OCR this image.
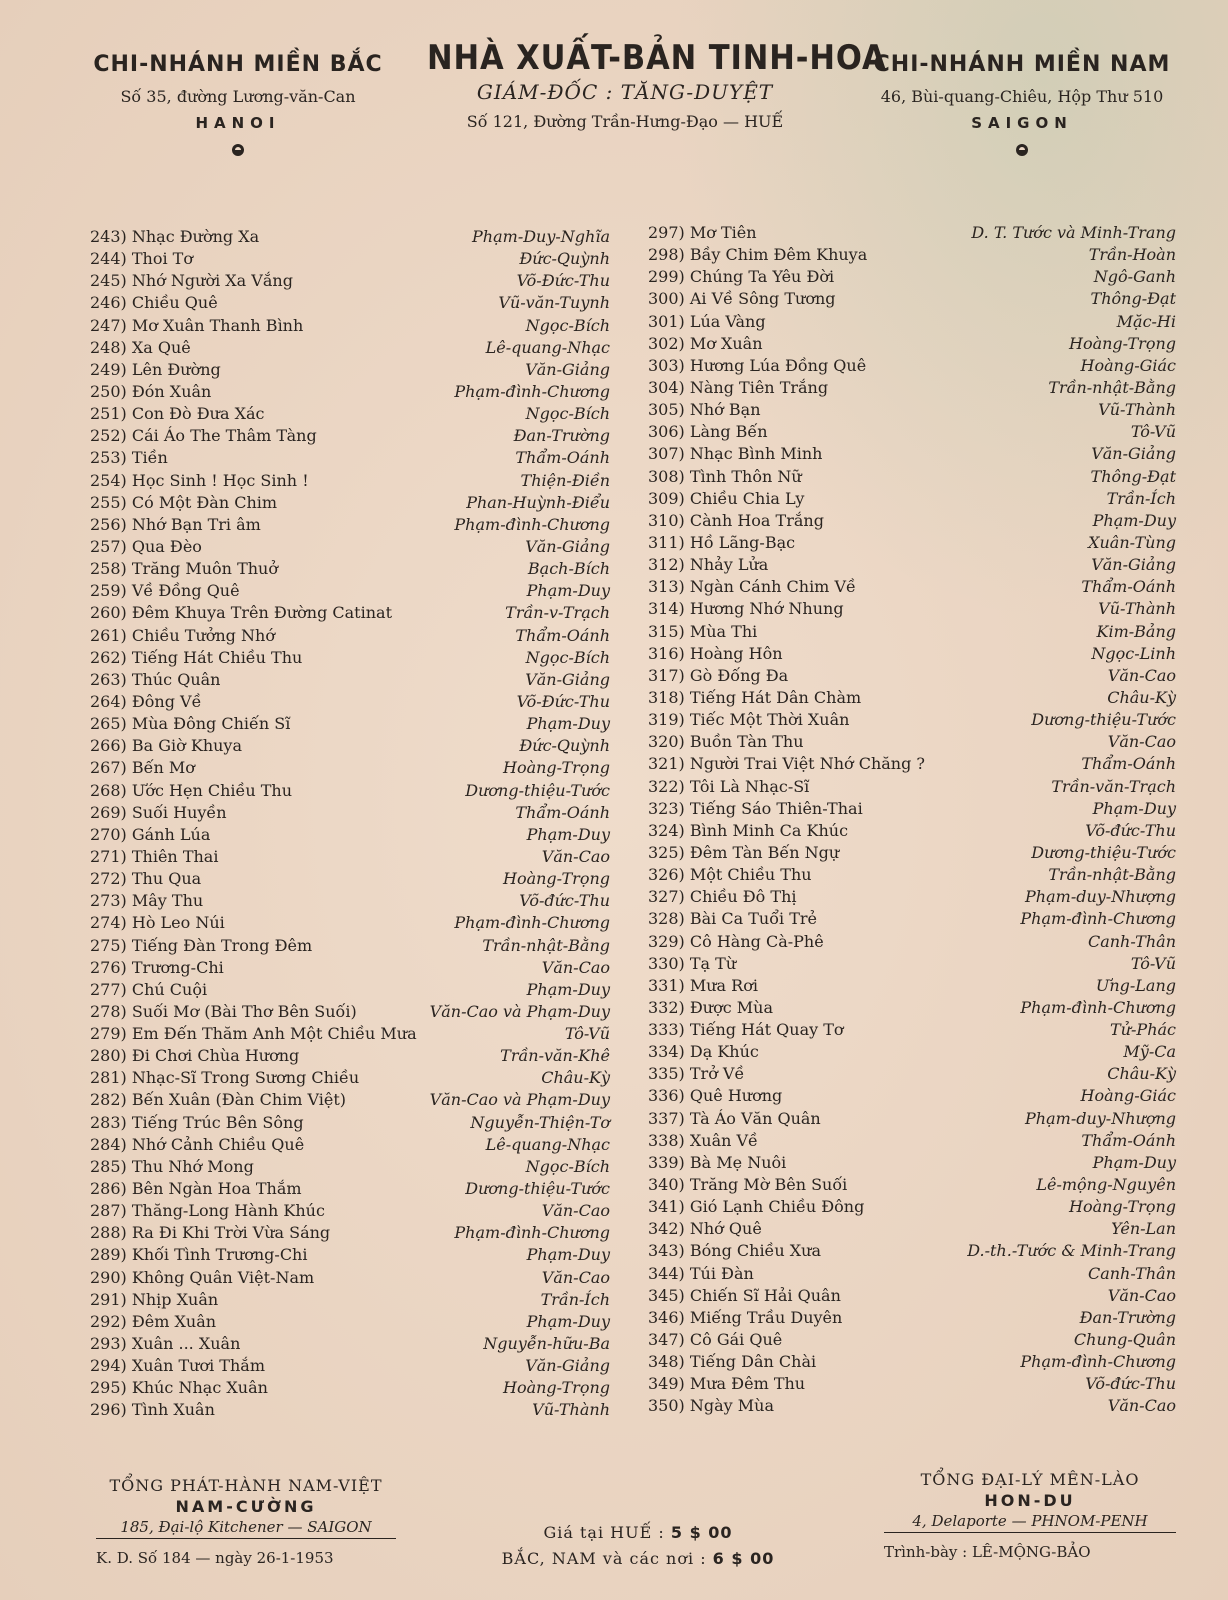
CHI-NHÁNH MIỀN BẮC
Số 35, đường Lương-văn-Can
HANOI
NHÀ XUẤT-BẢN TINH-HOA
GIÁM-ĐỐC : TĂNG-DUYỆT
Số 121, Đường Trần-Hưng-Đạo — HUẾ
CHI-NHÁNH MIỀN NAM
46, Bùi-quang-Chiêu, Hộp Thư 510
SAIGON
243) Nhạc Đường Xa	Phạm-Duy-Nghĩa
244) Thoi Tơ	Đức-Quỳnh
245) Nhớ Người Xa Vắng	Võ-Đức-Thu
246) Chiều Quê	Vũ-văn-Tuynh
247) Mơ Xuân Thanh Bình	Ngọc-Bích
248) Xa Quê	Lê-quang-Nhạc
249) Lên Đường	Văn-Giảng
250) Đón Xuân	Phạm-đình-Chương
251) Con Đò Đưa Xác	Ngọc-Bích
252) Cái Áo The Thâm Tàng	Đan-Trường
253) Tiền	Thẩm-Oánh
254) Học Sinh ! Học Sinh !	Thiện-Điền
255) Có Một Đàn Chim	Phan-Huỳnh-Điểu
256) Nhớ Bạn Tri âm	Phạm-đình-Chương
257) Qua Đèo	Văn-Giảng
258) Trăng Muôn Thuở	Bạch-Bích
259) Về Đồng Quê	Phạm-Duy
260) Đêm Khuya Trên Đường Catinat	Trần-v-Trạch
261) Chiều Tưởng Nhớ	Thẩm-Oánh
262) Tiếng Hát Chiều Thu	Ngọc-Bích
263) Thúc Quân	Văn-Giảng
264) Đông Về	Võ-Đức-Thu
265) Mùa Đông Chiến Sĩ	Phạm-Duy
266) Ba Giờ Khuya	Đức-Quỳnh
267) Bến Mơ	Hoàng-Trọng
268) Ước Hẹn Chiều Thu	Dương-thiệu-Tước
269) Suối Huyền	Thẩm-Oánh
270) Gánh Lúa	Phạm-Duy
271) Thiên Thai	Văn-Cao
272) Thu Qua	Hoàng-Trọng
273) Mây Thu	Võ-đức-Thu
274) Hò Leo Núi	Phạm-đình-Chương
275) Tiếng Đàn Trong Đêm	Trần-nhật-Bằng
276) Trương-Chi	Văn-Cao
277) Chú Cuội	Phạm-Duy
278) Suối Mơ (Bài Thơ Bên Suối)	Văn-Cao và Phạm-Duy
279) Em Đến Thăm Anh Một Chiều Mưa	Tô-Vũ
280) Đi Chơi Chùa Hương	Trần-văn-Khê
281) Nhạc-Sĩ Trong Sương Chiều	Châu-Kỳ
282) Bến Xuân (Đàn Chim Việt)	Văn-Cao và Phạm-Duy
283) Tiếng Trúc Bên Sông	Nguyễn-Thiện-Tơ
284) Nhớ Cảnh Chiều Quê	Lê-quang-Nhạc
285) Thu Nhớ Mong	Ngọc-Bích
286) Bên Ngàn Hoa Thắm	Dương-thiệu-Tước
287) Thăng-Long Hành Khúc	Văn-Cao
288) Ra Đi Khi Trời Vừa Sáng	Phạm-đình-Chương
289) Khối Tình Trương-Chi	Phạm-Duy
290) Không Quân Việt-Nam	Văn-Cao
291) Nhịp Xuân	Trần-Ích
292) Đêm Xuân	Phạm-Duy
293) Xuân ... Xuân	Nguyễn-hữu-Ba
294) Xuân Tươi Thắm	Văn-Giảng
295) Khúc Nhạc Xuân	Hoàng-Trọng
296) Tình Xuân	Vũ-Thành
297) Mơ Tiên	D. T. Tước và Minh-Trang
298) Bầy Chim Đêm Khuya	Trần-Hoàn
299) Chúng Ta Yêu Đời	Ngô-Ganh
300) Ai Về Sông Tương	Thông-Đạt
301) Lúa Vàng	Mặc-Hi
302) Mơ Xuân	Hoàng-Trọng
303) Hương Lúa Đồng Quê	Hoàng-Giác
304) Nàng Tiên Trắng	Trần-nhật-Bằng
305) Nhớ Bạn	Vũ-Thành
306) Làng Bến	Tô-Vũ
307) Nhạc Bình Minh	Văn-Giảng
308) Tình Thôn Nữ	Thông-Đạt
309) Chiều Chia Ly	Trần-Ích
310) Cành Hoa Trắng	Phạm-Duy
311) Hồ Lãng-Bạc	Xuân-Tùng
312) Nhảy Lửa	Văn-Giảng
313) Ngàn Cánh Chim Về	Thẩm-Oánh
314) Hương Nhớ Nhung	Vũ-Thành
315) Mùa Thi	Kim-Bảng
316) Hoàng Hôn	Ngọc-Linh
317) Gò Đống Đa	Văn-Cao
318) Tiếng Hát Dân Chàm	Châu-Kỳ
319) Tiếc Một Thời Xuân	Dương-thiệu-Tước
320) Buồn Tàn Thu	Văn-Cao
321) Người Trai Việt Nhớ Chăng ?	Thẩm-Oánh
322) Tôi Là Nhạc-Sĩ	Trần-văn-Trạch
323) Tiếng Sáo Thiên-Thai	Phạm-Duy
324) Bình Minh Ca Khúc	Võ-đức-Thu
325) Đêm Tàn Bến Ngự	Dương-thiệu-Tước
326) Một Chiều Thu	Trần-nhật-Bằng
327) Chiều Đô Thị	Phạm-duy-Nhượng
328) Bài Ca Tuổi Trẻ	Phạm-đình-Chương
329) Cô Hàng Cà-Phê	Canh-Thân
330) Tạ Từ	Tô-Vũ
331) Mưa Rơi	Ưng-Lang
332) Được Mùa	Phạm-đình-Chương
333) Tiếng Hát Quay Tơ	Tử-Phác
334) Dạ Khúc	Mỹ-Ca
335) Trở Về	Châu-Kỳ
336) Quê Hương	Hoàng-Giác
337) Tà Áo Văn Quân	Phạm-duy-Nhượng
338) Xuân Về	Thẩm-Oánh
339) Bà Mẹ Nuôi	Phạm-Duy
340) Trăng Mờ Bên Suối	Lê-mộng-Nguyên
341) Gió Lạnh Chiều Đông	Hoàng-Trọng
342) Nhớ Quê	Yên-Lan
343) Bóng Chiều Xưa	D.-th.-Tước & Minh-Trang
344) Túi Đàn	Canh-Thân
345) Chiến Sĩ Hải Quân	Văn-Cao
346) Miếng Trầu Duyên	Đan-Trường
347) Cô Gái Quê	Chung-Quân
348) Tiếng Dân Chài	Phạm-đình-Chương
349) Mưa Đêm Thu	Võ-đức-Thu
350) Ngày Mùa	Văn-Cao
TỔNG PHÁT-HÀNH NAM-VIỆT
NAM-CƯỜNG
185, Đại-lộ Kitchener — SAIGON
K. D. Số 184 — ngày 26-1-1953
Giá tại HUẾ : 5 $ 00
BẮC, NAM và các nơi : 6 $ 00
TỔNG ĐẠI-LÝ MÊN-LÀO
HON-DU
4, Delaporte — PHNOM-PENH
Trình-bày : LÊ-MỘNG-BẢO
